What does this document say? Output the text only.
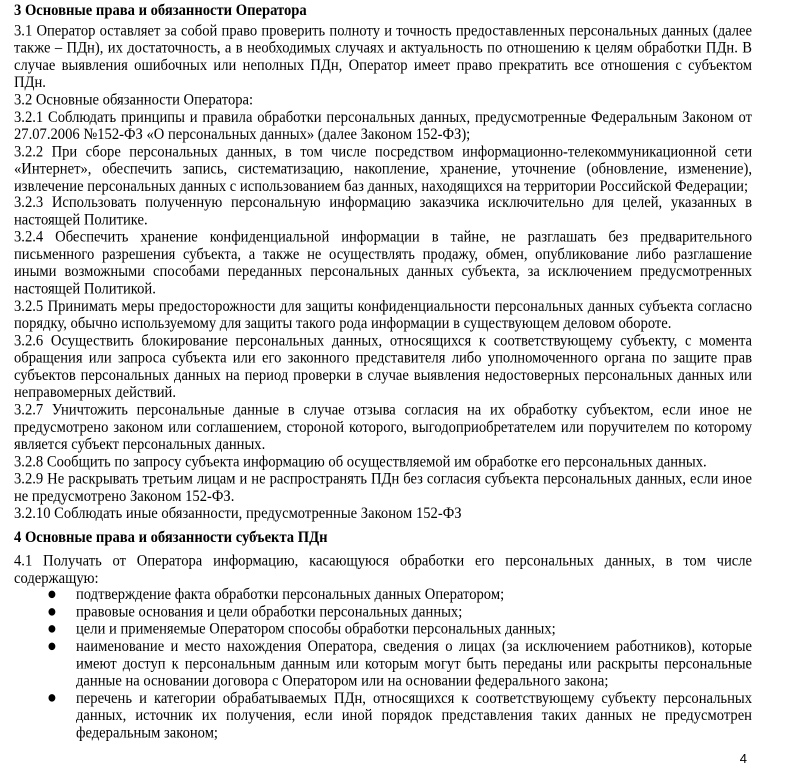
3 Основные права и обязанности Оператора

3.1 Оператор оставляет за собой право проверить полноту и точность предоставленных персональных данных (далее также – ПДн), их достаточность, а в необходимых случаях и актуальность по отношению к целям обработки ПДн. В случае выявления ошибочных или неполных ПДн, Оператор имеет право прекратить все отношения с субъектом ПДн.

3.2 Основные обязанности Оператора:

3.2.1 Соблюдать принципы и правила обработки персональных данных, предусмотренные Федеральным Законом от 27.07.2006 №152-ФЗ «О персональных данных» (далее Законом 152-ФЗ);

3.2.2 При сборе персональных данных, в том числе посредством информационно-телекоммуникационной сети «Интернет», обеспечить запись, систематизацию, накопление, хранение, уточнение (обновление, изменение), извлечение персональных данных с использованием баз данных, находящихся на территории Российской Федерации;

3.2.3 Использовать полученную персональную информацию заказчика исключительно для целей, указанных в настоящей Политике.

3.2.4 Обеспечить хранение конфиденциальной информации в тайне, не разглашать без предварительного письменного разрешения субъекта, а также не осуществлять продажу, обмен, опубликование либо разглашение иными возможными способами переданных персональных данных субъекта, за исключением предусмотренных настоящей Политикой.

3.2.5 Принимать меры предосторожности для защиты конфиденциальности персональных данных субъекта согласно порядку, обычно используемому для защиты такого рода информации в существующем деловом обороте.

3.2.6 Осуществить блокирование персональных данных, относящихся к соответствующему субъекту, с момента обращения или запроса субъекта или его законного представителя либо уполномоченного органа по защите прав субъектов персональных данных на период проверки в случае выявления недостоверных персональных данных или неправомерных действий.

3.2.7 Уничтожить персональные данные в случае отзыва согласия на их обработку субъектом, если иное не предусмотрено законом или соглашением, стороной которого, выгодоприобретателем или поручителем по которому является субъект персональных данных.

3.2.8 Сообщить по запросу субъекта информацию об осуществляемой им обработке его персональных данных.

3.2.9 Не раскрывать третьим лицам и не распространять ПДн без согласия субъекта персональных данных, если иное не предусмотрено Законом 152-ФЗ.

3.2.10 Соблюдать иные обязанности, предусмотренные Законом 152-ФЗ

4 Основные права и обязанности субъекта ПДн

4.1 Получать от Оператора информацию, касающуюся обработки его персональных данных, в том числе содержащую:

● подтверждение факта обработки персональных данных Оператором;
● правовые основания и цели обработки персональных данных;
● цели и применяемые Оператором способы обработки персональных данных;
● наименование и место нахождения Оператора, сведения о лицах (за исключением работников), которые имеют доступ к персональным данным или которым могут быть переданы или раскрыты персональные данные на основании договора с Оператором или на основании федерального закона;
● перечень и категории обрабатываемых ПДн, относящихся к соответствующему субъекту персональных данных, источник их получения, если иной порядок представления таких данных не предусмотрен федеральным законом;
4
